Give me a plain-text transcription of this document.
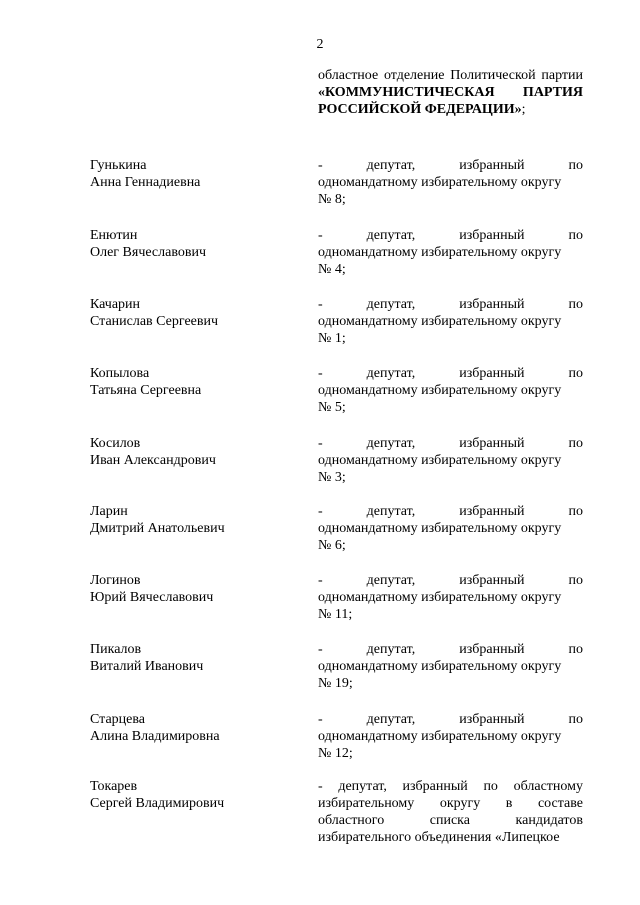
2
областное отделение Политической партии «КОММУНИСТИЧЕСКАЯ ПАРТИЯ РОССИЙСКОЙ ФЕДЕРАЦИИ»;
Гунькина
Анна Геннадиевна
-	депутат,	избранный	по
одномандатному избирательному округу
№ 8;
Енютин
Олег Вячеславович
-	депутат,	избранный	по
одномандатному избирательному округу
№ 4;
Качарин
Станислав Сергеевич
-	депутат,	избранный	по
одномандатному избирательному округу
№ 1;
Копылова
Татьяна Сергеевна
-	депутат,	избранный	по
одномандатному избирательному округу
№ 5;
Косилов
Иван Александрович
-	депутат,	избранный	по
одномандатному избирательному округу
№ 3;
Ларин
Дмитрий Анатольевич
-	депутат,	избранный	по
одномандатному избирательному округу
№ 6;
Логинов
Юрий Вячеславович
-	депутат,	избранный	по
одномандатному избирательному округу
№ 11;
Пикалов
Виталий Иванович
-	депутат,	избранный	по
одномандатному избирательному округу
№ 19;
Старцева
Алина Владимировна
-	депутат,	избранный	по
одномандатному избирательному округу
№ 12;
Токарев
Сергей Владимирович
- депутат, избранный по областному
избирательному округу в составе
областного	списка	кандидатов
избирательного объединения «Липецкое
